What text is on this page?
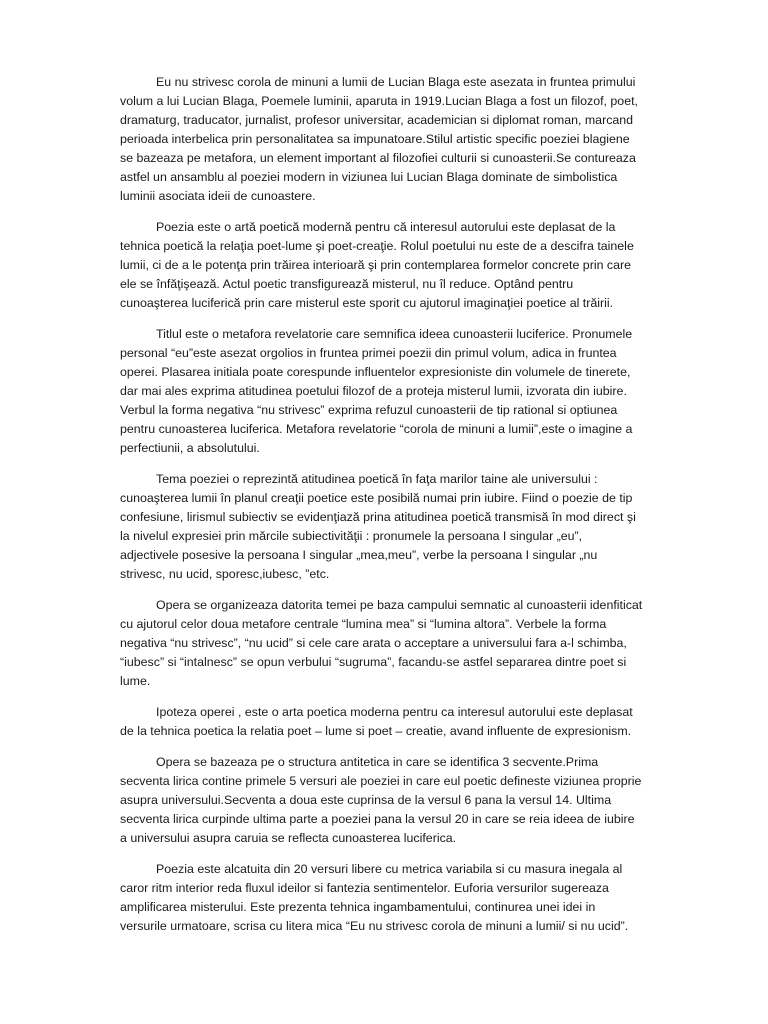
Eu nu strivesc corola de minuni a lumii de Lucian Blaga este asezata in fruntea primului volum a lui Lucian Blaga, Poemele luminii, aparuta in 1919.Lucian Blaga a fost un filozof, poet, dramaturg, traducator, jurnalist, profesor universitar, academician si diplomat roman, marcand perioada interbelica prin personalitatea sa impunatoare.Stilul artistic specific poeziei blagiene se bazeaza pe metafora, un element important al filozofiei culturii si cunoasterii.Se contureaza astfel un ansamblu al poeziei modern in viziunea lui Lucian Blaga dominate de simbolistica luminii asociata ideii de cunoastere.

Poezia este o artă poetică modernă pentru că interesul autorului este deplasat de la tehnica poetică la relaţia poet-lume şi poet-creaţie. Rolul poetului nu este de a descifra tainele lumii, ci de a le potenţa prin trăirea interioară şi prin contemplarea formelor concrete prin care ele se înfăţişează. Actul poetic transfigurează misterul, nu îl reduce. Optând pentru cunoaşterea luciferică prin care misterul este sporit cu ajutorul imaginaţiei poetice al trăirii.

Titlul este o metafora revelatorie care semnifica ideea cunoasterii luciferice. Pronumele personal “eu”este asezat orgolios in fruntea primei poezii din primul volum, adica in fruntea operei. Plasarea initiala poate corespunde influentelor expresioniste din volumele de tinerete, dar mai ales exprima atitudinea poetului filozof de a proteja misterul lumii, izvorata din iubire. Verbul la forma negativa “nu strivesc” exprima refuzul cunoasterii de tip rational si optiunea pentru cunoasterea luciferica. Metafora revelatorie “corola de minuni a lumii”,este o imagine a perfectiunii, a absolutului.

Tema poeziei o reprezintă atitudinea poetică în faţa marilor taine ale universului : cunoaşterea lumii în planul creaţii poetice este posibilă numai prin iubire. Fiind o poezie de tip confesiune, lirismul subiectiv se evidenţiază prina atitudinea poetică transmisă în mod direct şi la nivelul expresiei prin mărcile subiectivităţii : pronumele la persoana I singular „eu”, adjectivele posesive la persoana I singular „mea,meu”, verbe la persoana I singular „nu strivesc, nu ucid, sporesc,iubesc, ”etc.

Opera se organizeaza datorita temei pe baza campului semnatic al cunoasterii idenfiticat cu ajutorul celor doua metafore centrale “lumina mea” si “lumina altora”. Verbele la forma negativa “nu strivesc”, “nu ucid” si cele care arata o acceptare a universului fara a-l schimba, “iubesc” si “intalnesc” se opun verbului “sugruma”, facandu-se astfel separarea dintre poet si lume.

Ipoteza operei , este o arta poetica moderna pentru ca interesul autorului este deplasat de la tehnica poetica la relatia poet – lume si poet – creatie, avand influente de expresionism.

Opera se bazeaza pe o structura antitetica in care se identifica 3 secvente.Prima secventa lirica contine primele 5 versuri ale poeziei in care eul poetic defineste viziunea proprie asupra universului.Secventa a doua este cuprinsa de la versul 6 pana la versul 14. Ultima secventa lirica curpinde ultima parte a poeziei pana la versul 20 in care se reia ideea de iubire a universului asupra caruia se reflecta cunoasterea luciferica.

Poezia este alcatuita din 20 versuri libere cu metrica variabila si cu masura inegala al caror ritm interior reda fluxul ideilor si fantezia sentimentelor. Euforia versurilor sugereaza amplificarea misterului. Este prezenta tehnica ingambamentului, continurea unei idei in versurile urmatoare, scrisa cu litera mica “Eu nu strivesc corola de minuni a lumii/ si nu ucid”.
